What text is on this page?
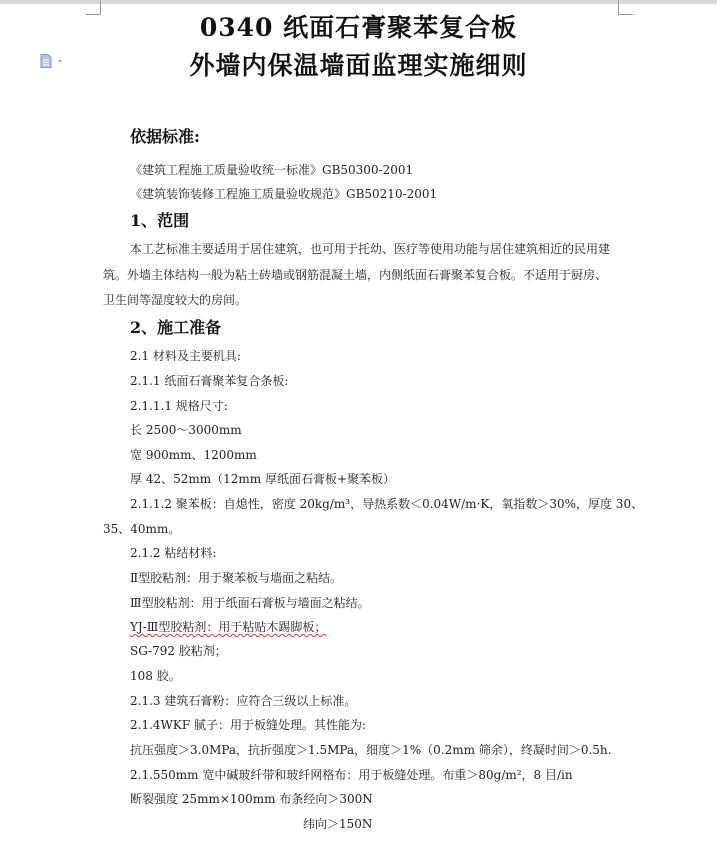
0340 纸面石膏聚苯复合板
外墙内保温墙面监理实施细则
依据标准:
《建筑工程施工质量验收统一标准》GB50300-2001
《建筑装饰装修工程施工质量验收规范》GB50210-2001
1、范围
本工艺标准主要适用于居住建筑，也可用于托幼、医疗等使用功能与居住建筑相近的民用建
筑。外墙主体结构一般为粘土砖墙或钢筋混凝土墙，内侧纸面石膏聚苯复合板。不适用于厨房、
卫生间等湿度较大的房间。
2、施工准备
2.1 材料及主要机具:
2.1.1 纸面石膏聚苯复合条板:
2.1.1.1 规格尺寸:
长 2500～3000mm
宽 900mm、1200mm
厚 42、52mm（12mm 厚纸面石膏板+聚苯板）
2.1.1.2 聚苯板：自熄性，密度 20kg/m³，导热系数＜0.04W/m·K，氧指数＞30%，厚度 30、
35、40mm。
2.1.2 粘结材料:
Ⅱ型胶粘剂：用于聚苯板与墙面之粘结。
Ⅲ型胶粘剂：用于纸面石膏板与墙面之粘结。
YJ-Ⅲ型胶粘剂：用于粘贴木踢脚板；
SG-792 胶粘剂；
108 胶。
2.1.3 建筑石膏粉：应符合三级以上标准。
2.1.4WKF 腻子：用于板缝处理。其性能为:
抗压强度＞3.0MPa，抗折强度＞1.5MPa，细度＞1%（0.2mm 筛余），终凝时间＞0.5h.
2.1.550mm 宽中碱玻纤带和玻纤网格布：用于板缝处理。布重＞80g/m²，8 目/in
断裂强度 25mm×100mm 布条经向＞300N
纬向＞150N
